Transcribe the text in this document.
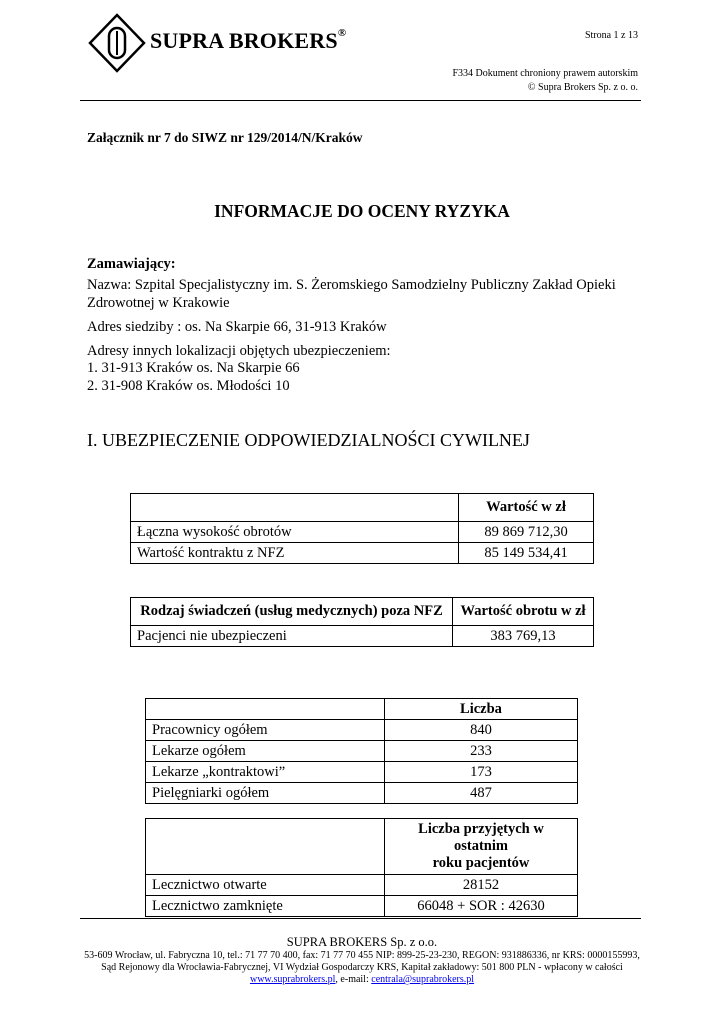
SUPRA BROKERS®	Strona 1 z 13
F334 Dokument chroniony prawem autorskim
© Supra Brokers Sp. z o. o.
Załącznik nr 7 do SIWZ nr 129/2014/N/Kraków
INFORMACJE DO OCENY RYZYKA
Zamawiający:
Nazwa: Szpital Specjalistyczny im. S. Żeromskiego Samodzielny Publiczny Zakład Opieki
Zdrowotnej w Krakowie
Adres siedziby : os. Na Skarpie 66, 31-913 Kraków
Adresy innych lokalizacji objętych ubezpieczeniem:
1. 31-913 Kraków os. Na Skarpie 66
2. 31-908 Kraków os. Młodości 10
I. UBEZPIECZENIE ODPOWIEDZIALNOŚCI CYWILNEJ
	Wartość w zł
Łączna wysokość obrotów	89 869 712,30
Wartość kontraktu z NFZ	85 149 534,41
Rodzaj świadczeń (usług medycznych) poza NFZ	Wartość obrotu w zł
Pacjenci nie ubezpieczeni	383 769,13
	Liczba
Pracownicy ogółem	840
Lekarze ogółem	233
Lekarze „kontraktowi”	173
Pielęgniarki ogółem	487

	Liczba przyjętych w ostatnim
roku pacjentów

Lecznictwo otwarte	28152
Lecznictwo zamknięte	66048 + SOR : 42630
SUPRA BROKERS Sp. z o.o.
53-609 Wrocław, ul. Fabryczna 10, tel.: 71 77 70 400, fax: 71 77 70 455 NIP: 899-25-23-230, REGON: 931886336, nr KRS: 0000155993,
Sąd Rejonowy dla Wrocławia-Fabrycznej, VI Wydział Gospodarczy KRS, Kapitał zakładowy: 501 800 PLN - wpłacony w całości
www.suprabrokers.pl, e-mail: centrala@suprabrokers.pl
